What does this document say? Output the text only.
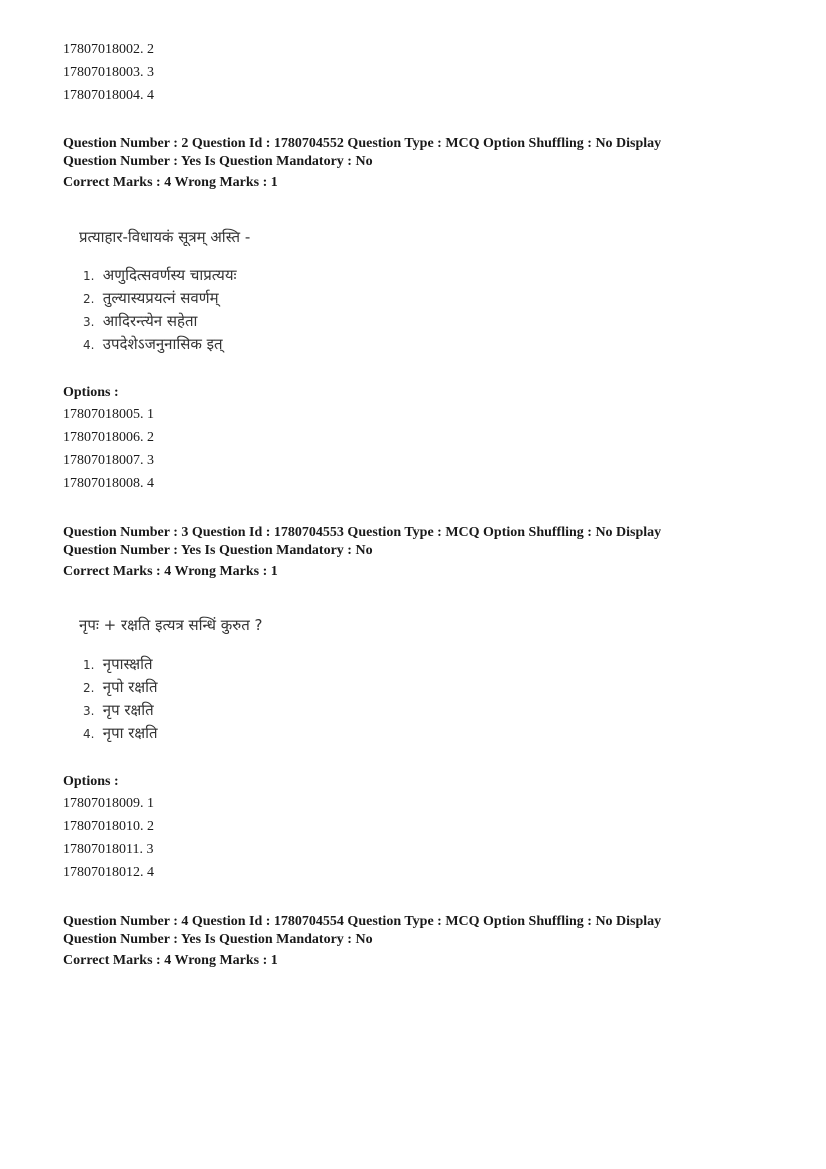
17807018002. 2
17807018003. 3
17807018004. 4
Question Number : 2 Question Id : 1780704552 Question Type : MCQ Option Shuffling : No Display
Question Number : Yes Is Question Mandatory : No
Correct Marks : 4 Wrong Marks : 1
प्रत्याहार-विधायकं सूत्रम् अस्ति -
1. अणुदित्सवर्णस्य चाप्रत्ययः
2. तुल्यास्यप्रयत्नं सवर्णम्
3. आदिरन्त्येन सहेता
4. उपदेशेऽजनुनासिक इत्
Options :
17807018005. 1
17807018006. 2
17807018007. 3
17807018008. 4
Question Number : 3 Question Id : 1780704553 Question Type : MCQ Option Shuffling : No Display
Question Number : Yes Is Question Mandatory : No
Correct Marks : 4 Wrong Marks : 1
नृपः + रक्षति इत्यत्र सन्धिं कुरुत ?
1. नृपास्क्षति
2. नृपो रक्षति
3. नृप रक्षति
4. नृपा रक्षति
Options :
17807018009. 1
17807018010. 2
17807018011. 3
17807018012. 4
Question Number : 4 Question Id : 1780704554 Question Type : MCQ Option Shuffling : No Display
Question Number : Yes Is Question Mandatory : No
Correct Marks : 4 Wrong Marks : 1
